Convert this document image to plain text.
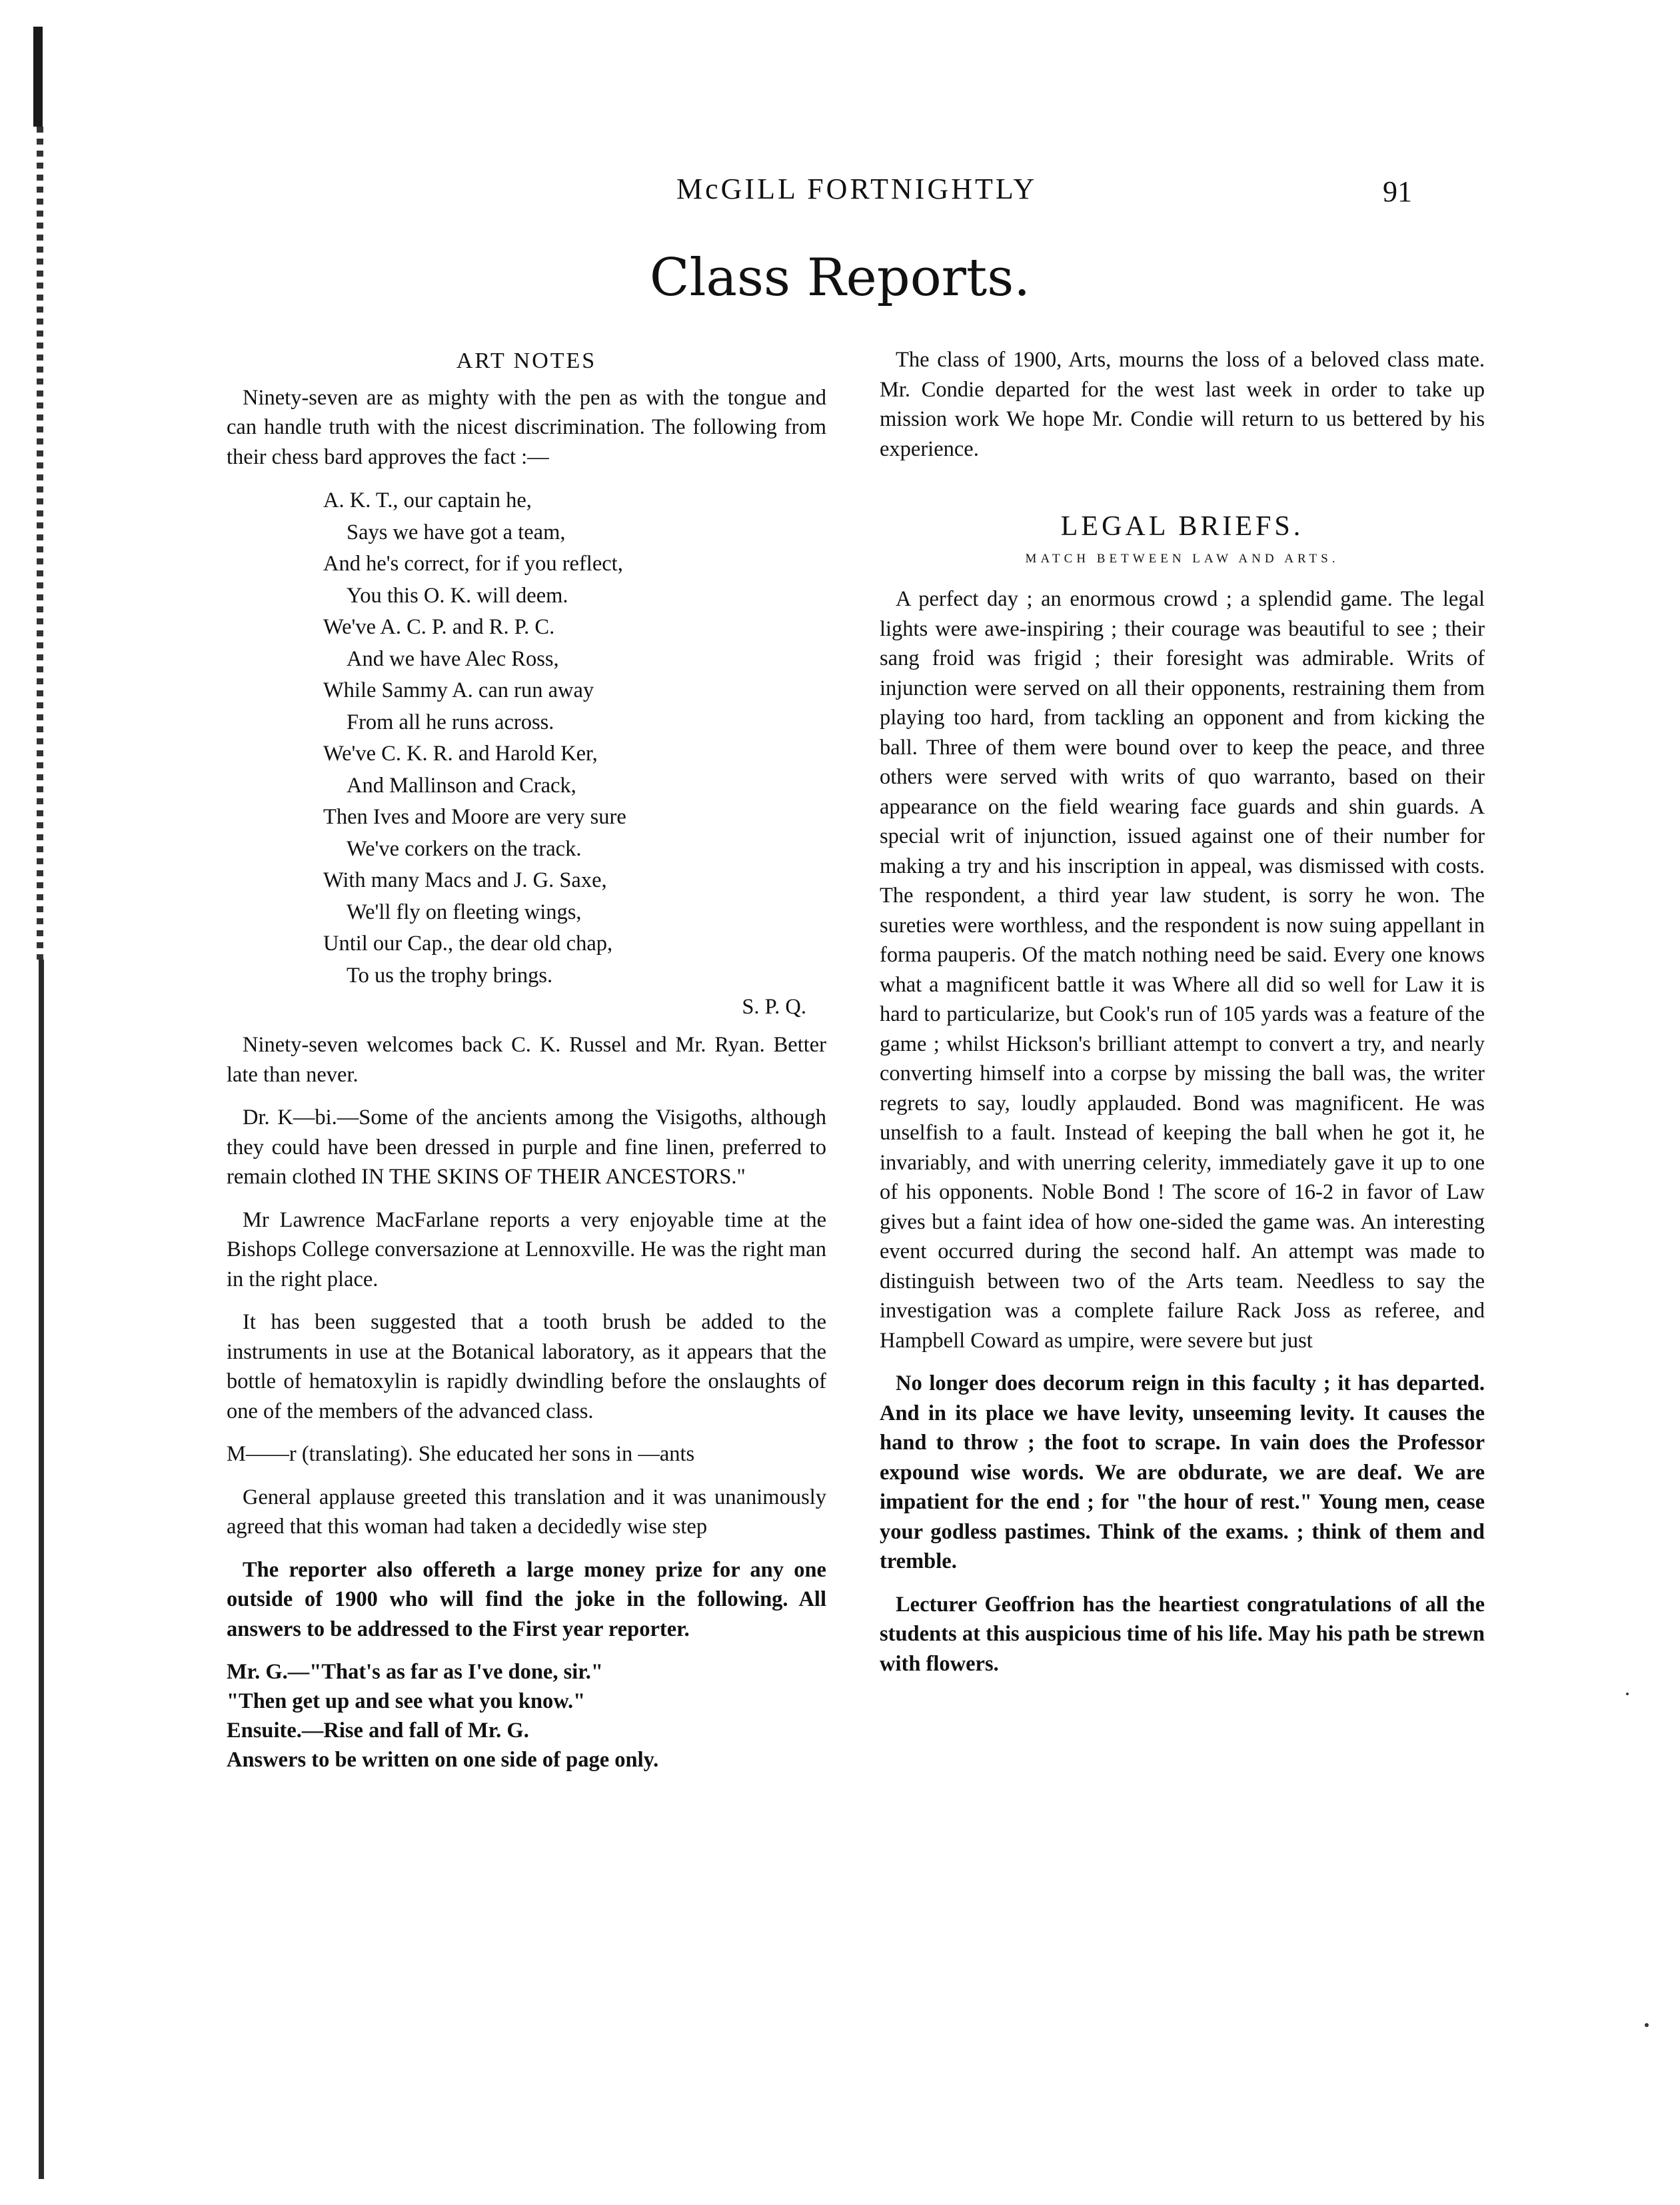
McGILL FORTNIGHTLY	91
Class Reports.
ART NOTES

Ninety-seven are as mighty with the pen as with the tongue and can handle truth with the nicest discrimination. The following from their chess bard approves the fact :—

A. K. T., our captain he,
Says we have got a team,
And he's correct, for if you reflect,
You this O. K. will deem.
We've A. C. P. and R. P. C.
And we have Alec Ross,
While Sammy A. can run away
From all he runs across.
We've C. K. R. and Harold Ker,
And Mallinson and Crack,
Then Ives and Moore are very sure
We've corkers on the track.
With many Macs and J. G. Saxe,
We'll fly on fleeting wings,
Until our Cap., the dear old chap,
To us the trophy brings.
S. P. Q.

Ninety-seven welcomes back C. K. Russel and Mr. Ryan. Better late than never.

Dr. K—bi.—Some of the ancients among the Visigoths, although they could have been dressed in purple and fine linen, preferred to remain clothed IN THE SKINS OF THEIR ANCESTORS."

Mr Lawrence MacFarlane reports a very enjoyable time at the Bishops College conversazione at Lennoxville. He was the right man in the right place.

It has been suggested that a tooth brush be added to the instruments in use at the Botanical laboratory, as it appears that the bottle of hematoxylin is rapidly dwindling before the onslaughts of one of the members of the advanced class.

M——r (translating). She educated her sons in —ants

General applause greeted this translation and it was unanimously agreed that this woman had taken a decidedly wise step

The reporter also offereth a large money prize for any one outside of 1900 who will find the joke in the following. All answers to be addressed to the First year reporter.

Mr. G.—"That's as far as I've done, sir."
"Then get up and see what you know."
Ensuite.—Rise and fall of Mr. G.
Answers to be written on one side of page only.

The class of 1900, Arts, mourns the loss of a beloved class mate. Mr. Condie departed for the west last week in order to take up mission work We hope Mr. Condie will return to us bettered by his experience.

LEGAL BRIEFS.
MATCH BETWEEN LAW AND ARTS.

A perfect day ; an enormous crowd ; a splendid game. The legal lights were awe-inspiring ; their courage was beautiful to see ; their sang froid was frigid ; their foresight was admirable. Writs of injunction were served on all their opponents, restraining them from playing too hard, from tackling an opponent and from kicking the ball. Three of them were bound over to keep the peace, and three others were served with writs of quo warranto, based on their appearance on the field wearing face guards and shin guards. A special writ of injunction, issued against one of their number for making a try and his inscription in appeal, was dismissed with costs. The respondent, a third year law student, is sorry he won. The sureties were worthless, and the respondent is now suing appellant in forma pauperis. Of the match nothing need be said. Every one knows what a magnificent battle it was Where all did so well for Law it is hard to particularize, but Cook's run of 105 yards was a feature of the game ; whilst Hickson's brilliant attempt to convert a try, and nearly converting himself into a corpse by missing the ball was, the writer regrets to say, loudly applauded. Bond was magnificent. He was unselfish to a fault. Instead of keeping the ball when he got it, he invariably, and with unerring celerity, immediately gave it up to one of his opponents. Noble Bond ! The score of 16-2 in favor of Law gives but a faint idea of how one-sided the game was. An interesting event occurred during the second half. An attempt was made to distinguish between two of the Arts team. Needless to say the investigation was a complete failure Rack Joss as referee, and Hampbell Coward as umpire, were severe but just

No longer does decorum reign in this faculty ; it has departed. And in its place we have levity, unseeming levity. It causes the hand to throw ; the foot to scrape. In vain does the Professor expound wise words. We are obdurate, we are deaf. We are impatient for the end ; for "the hour of rest." Young men, cease your godless pastimes. Think of the exams. ; think of them and tremble.

Lecturer Geoffrion has the heartiest congratulations of all the students at this auspicious time of his life. May his path be strewn with flowers.
